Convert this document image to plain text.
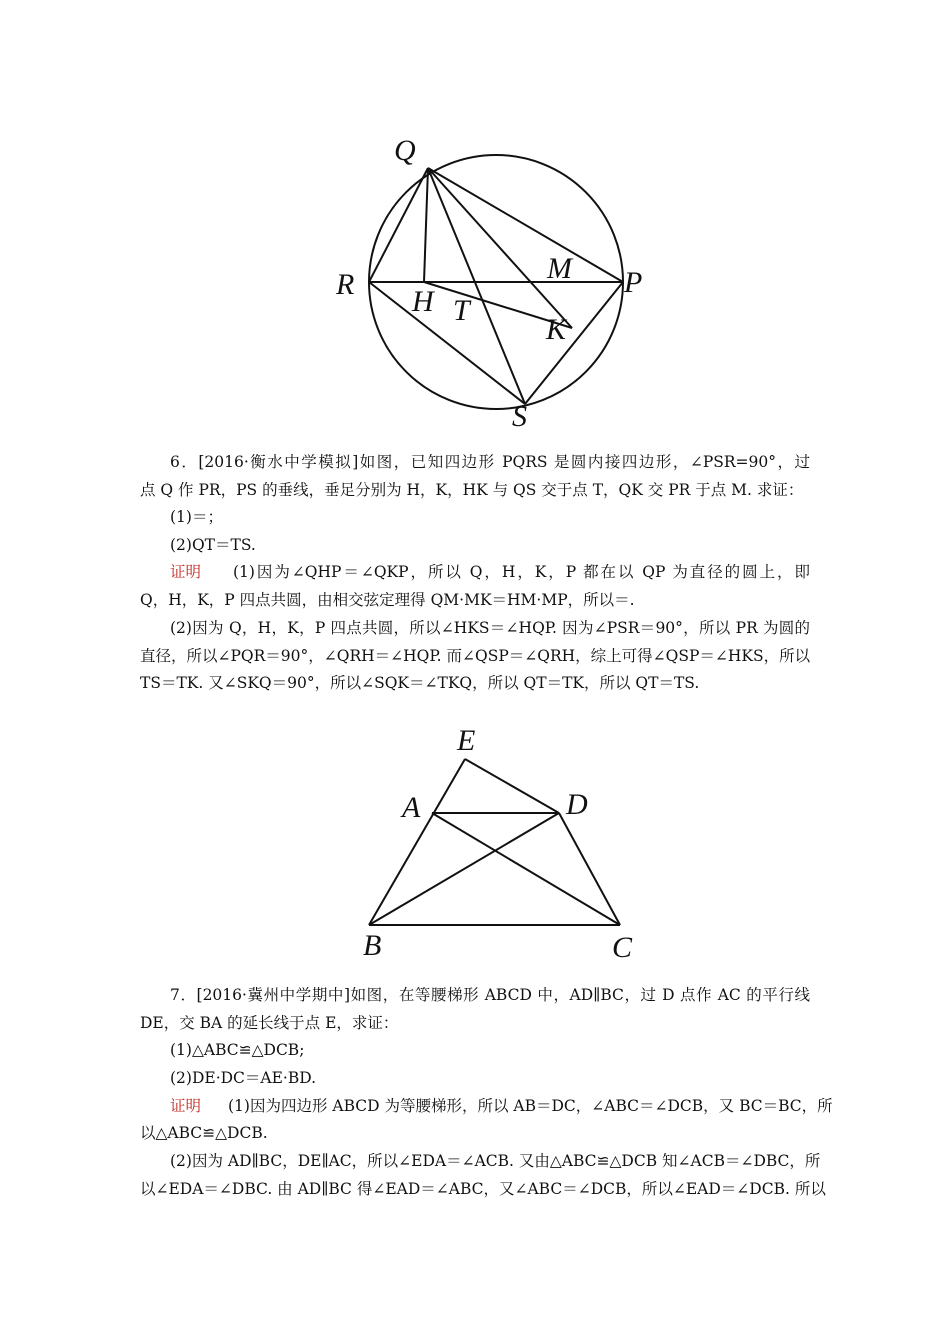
Q
R	P
H T
M
K
S
6．[2016·衡水中学模拟]如图，已知四边形 PQRS 是圆内接四边形，∠PSR=90°，过
点 Q 作 PR，PS 的垂线，垂足分别为 H，K，HK 与 QS 交于点 T，QK 交 PR 于点 M. 求证：
(1)＝；
(2)QT＝TS.
证明 (1)因为∠QHP＝∠QKP，所以 Q，H，K，P 都在以 QP 为直径的圆上，即
Q，H，K，P 四点共圆，由相交弦定理得 QM·MK＝HM·MP，所以＝.
(2)因为 Q，H，K，P 四点共圆，所以∠HKS＝∠HQP. 因为∠PSR＝90°，所以 PR 为圆的
直径，所以∠PQR＝90°，∠QRH＝∠HQP. 而∠QSP＝∠QRH，综上可得∠QSP＝∠HKS，所以
TS＝TK. 又∠SKQ＝90°，所以∠SQK＝∠TKQ，所以 QT＝TK，所以 QT＝TS.
E
A	D
B	C
7．[2016·冀州中学期中]如图，在等腰梯形 ABCD 中，AD∥BC，过 D 点作 AC 的平行线
DE，交 BA 的延长线于点 E，求证：
(1)△ABC≌△DCB;
(2)DE·DC＝AE·BD.
证明 (1)因为四边形 ABCD 为等腰梯形，所以 AB＝DC，∠ABC＝∠DCB，又 BC＝BC，所
以△ABC≌△DCB.
(2)因为 AD∥BC，DE∥AC，所以∠EDA＝∠ACB. 又由△ABC≌△DCB 知∠ACB＝∠DBC，所
以∠EDA＝∠DBC. 由 AD∥BC 得∠EAD＝∠ABC，又∠ABC＝∠DCB，所以∠EAD＝∠DCB. 所以
